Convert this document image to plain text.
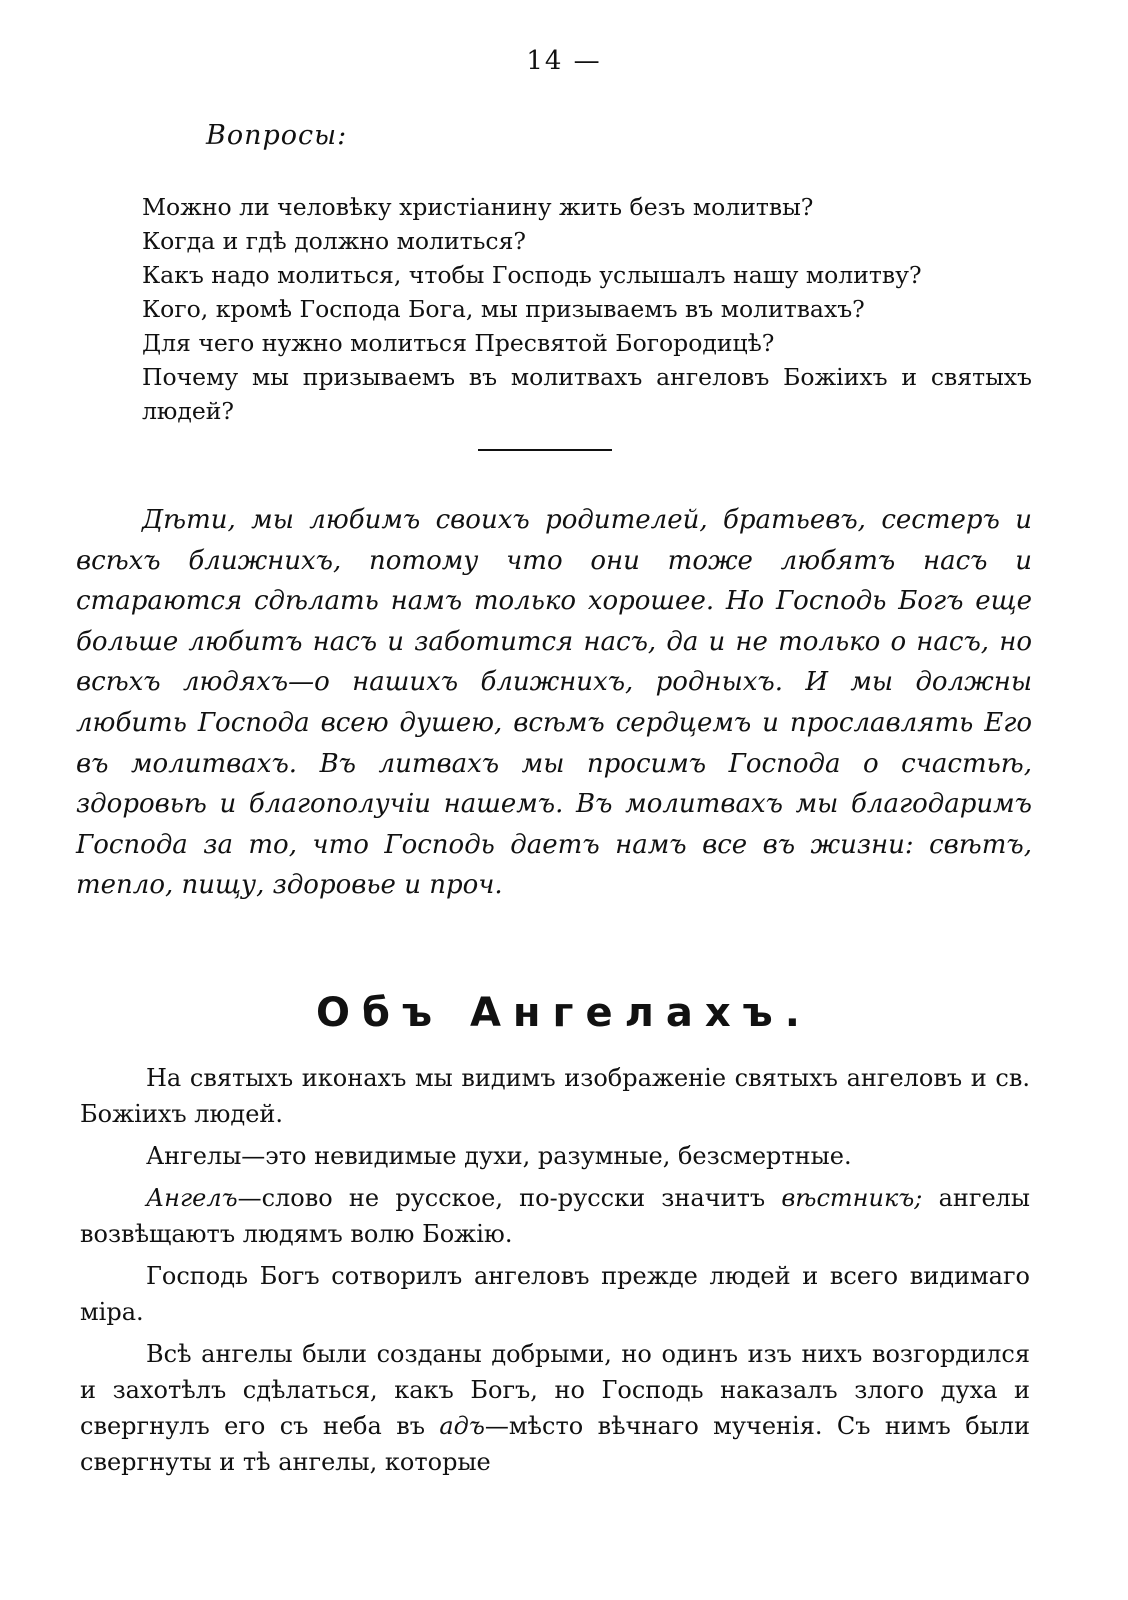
14 —
Вопросы:

Можно ли человѣку христіанину жить безъ молитвы?

Когда и гдѣ должно молиться?

Какъ надо молиться, чтобы Господь услышалъ нашу молитву?

Кого, кромѣ Господа Бога, мы призываемъ въ молитвахъ?

Для чего нужно молиться Пресвятой Богородицѣ?

Почему мы призываемъ въ молитвахъ ангеловъ Божіихъ и святыхъ людей?

Дѣти, мы любимъ своихъ родителей, братьевъ, сестеръ и всѣхъ ближнихъ, потому что они тоже любятъ насъ и стараются сдѣлать намъ только хорошее. Но Господь Богъ еще больше любитъ насъ и заботится насъ, да и не только о насъ, но всѣхъ людяхъ—о нашихъ ближнихъ, родныхъ. И мы должны любить Господа всею душею, всѣмъ сердцемъ и прославлять Его въ молитвахъ. Въ литвахъ мы просимъ Господа о счастьѣ, здоровьѣ и благополучіи нашемъ. Въ молитвахъ мы благодаримъ Господа за то, что Господь даетъ намъ все въ жизни: свѣтъ, тепло, пищу, здоровье и проч.

Объ Ангелахъ.

На святыхъ иконахъ мы видимъ изображеніе святыхъ ангеловъ и св. Божіихъ людей.

Ангелы—это невидимые духи, разумные, безсмертные.

Ангелъ—слово не русское, по-русски значитъ вѣстникъ; ангелы возвѣщаютъ людямъ волю Божію.

Господь Богъ сотворилъ ангеловъ прежде людей и всего видимаго міра.

Всѣ ангелы были созданы добрыми, но одинъ изъ нихъ возгордился и захотѣлъ сдѣлаться, какъ Богъ, но Господь наказалъ злого духа и свергнулъ его съ неба въ адъ—мѣсто вѣчнаго мученія. Съ нимъ были свергнуты и тѣ ангелы, которые
